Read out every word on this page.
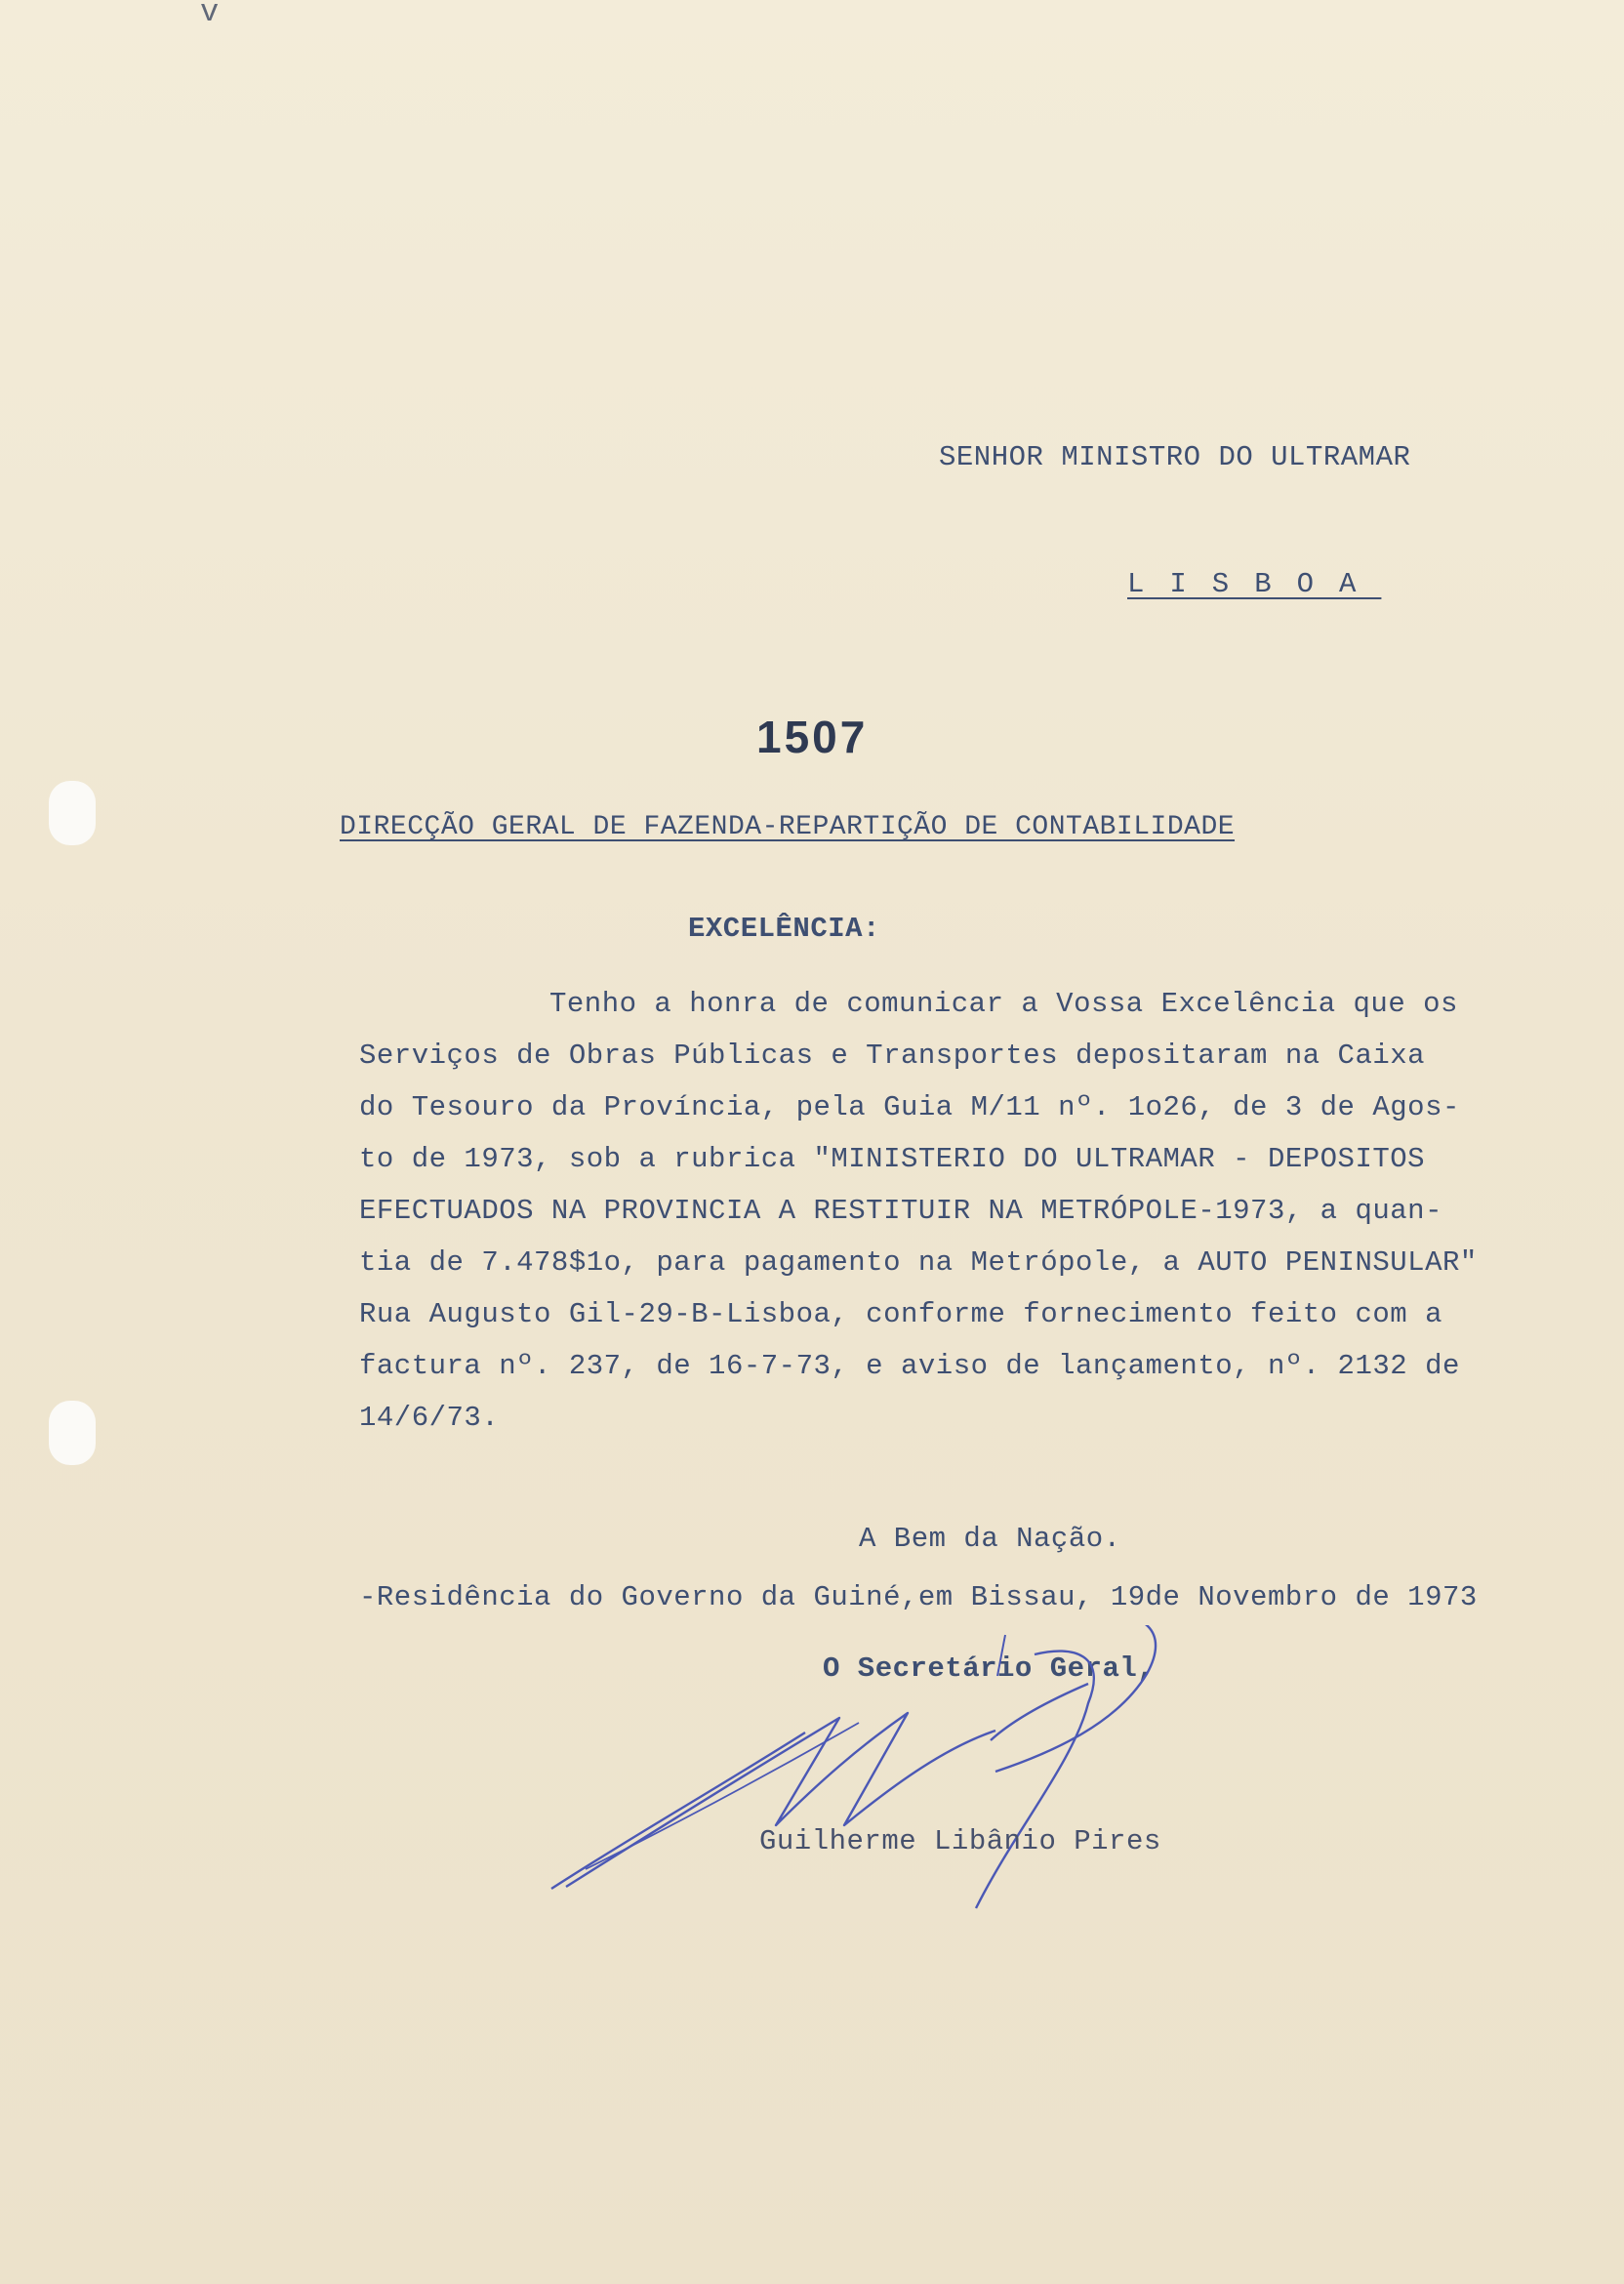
v
SENHOR MINISTRO DO ULTRAMAR
LISBOA
1507
DIRECÇÃO GERAL DE FAZENDA-REPARTIÇÃO DE CONTABILIDADE
EXCELÊNCIA:
Tenho a honra de comunicar a Vossa Excelência que os
Serviços de Obras Públicas e Transportes depositaram na Caixa
do Tesouro da Província, pela Guia M/11 nº. 1o26, de 3 de Agos-
to de 1973, sob a rubrica "MINISTERIO DO ULTRAMAR - DEPOSITOS
EFECTUADOS NA PROVINCIA A RESTITUIR NA METRÓPOLE-1973, a quan-
tia de 7.478$1o, para pagamento na Metrópole, a AUTO PENINSULAR"
Rua Augusto Gil-29-B-Lisboa, conforme fornecimento feito com a
factura nº. 237, de 16-7-73, e aviso de lançamento, nº. 2132 de
14/6/73.
A Bem da Nação.
-Residência do Governo da Guiné,em Bissau, 19de Novembro de 1973
O Secretário Geral,
Guilherme Libânio Pires
